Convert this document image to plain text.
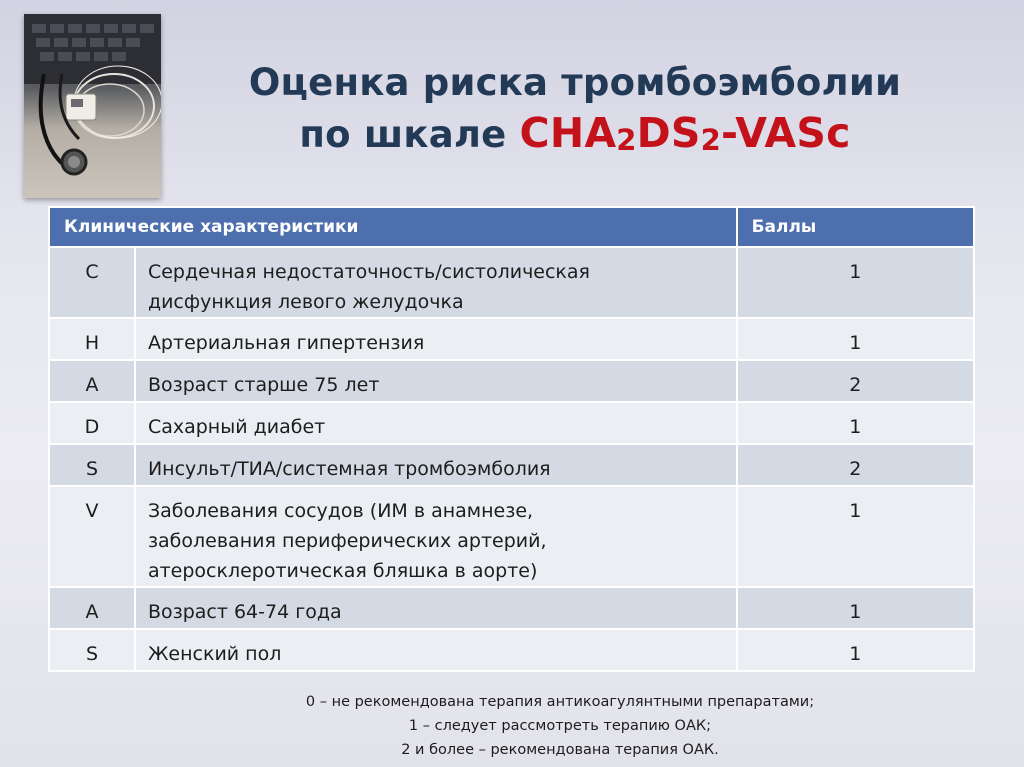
Оценка риска тромбоэмболии
по шкале CHA2DS2-VASc
Клинические характеристики		Баллы
C	Сердечная недостаточность/систолическая
дисфункция левого желудочка	1
H	Артериальная гипертензия	1
A	Возраст старше 75 лет	2
D	Сахарный диабет	1
S	Инсульт/ТИА/системная тромбоэмболия	2
V	Заболевания сосудов (ИМ в анамнезе,
заболевания периферических артерий,
атеросклеротическая бляшка в аорте)	1
A	Возраст 64-74 года	1
S	Женский пол	1
0 – не рекомендована терапия антикоагулянтными препаратами;
1 – следует рассмотреть терапию ОАК;
2 и более – рекомендована терапия ОАК.
